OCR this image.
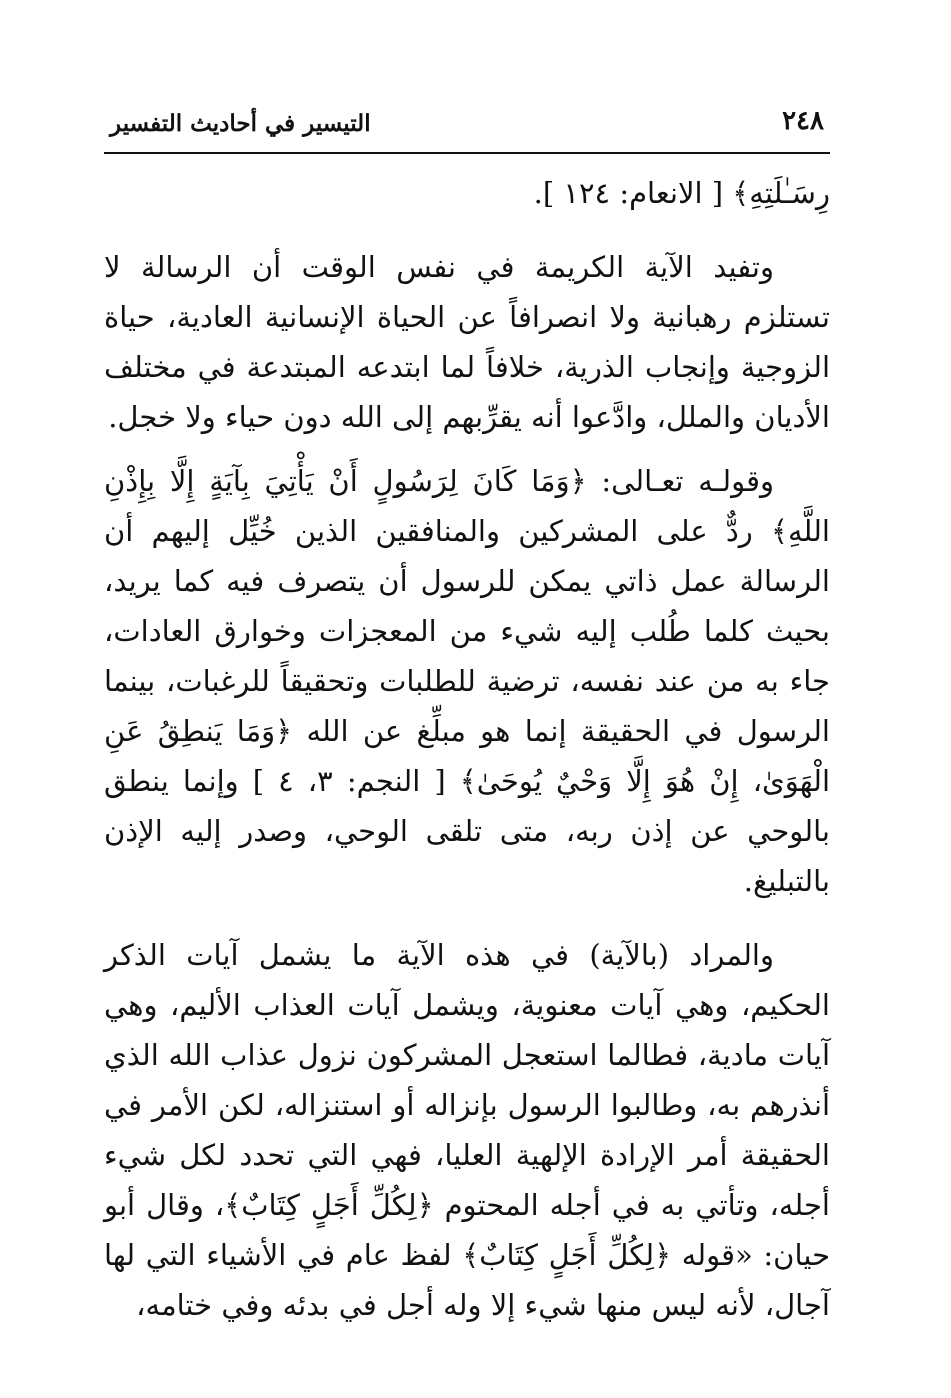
٢٤٨
التيسير في أحاديث التفسير

رِسَـٰلَتِهِ﴾ [ الانعام: ١٢٤ ].

وتفيد الآية الكريمة في نفس الوقت أن الرسالة لا تستلزم رهبانية ولا انصرافاً عن الحياة الإنسانية العادية، حياة الزوجية وإنجاب الذرية، خلافاً لما ابتدعه المبتدعة في مختلف الأديان والملل، وادَّعوا أنه يقرِّبهم إلى الله دون حياء ولا خجل.

وقولـه تعـالى: ﴿وَمَا كَانَ لِرَسُولٍ أَنْ يَأْتِيَ بِآيَةٍ إِلَّا بِإِذْنِ اللَّهِ﴾ ردٌّ على المشركين والمنافقين الذين خُيِّل إليهم أن الرسالة عمل ذاتي يمكن للرسول أن يتصرف فيه كما يريد، بحيث كلما طُلب إليه شيء من المعجزات وخوارق العادات، جاء به من عند نفسه، ترضية للطلبات وتحقيقاً للرغبات، بينما الرسول في الحقيقة إنما هو مبلِّغ عن الله ﴿وَمَا يَنطِقُ عَنِ الْهَوَىٰ، إِنْ هُوَ إِلَّا وَحْيٌ يُوحَىٰ﴾ [ النجم: ٣، ٤ ] وإنما ينطق بالوحي عن إذن ربه، متى تلقى الوحي، وصدر إليه الإذن بالتبليغ.

والمراد (بالآية) في هذه الآية ما يشمل آيات الذكر الحكيم، وهي آيات معنوية، ويشمل آيات العذاب الأليم، وهي آيات مادية، فطالما استعجل المشركون نزول عذاب الله الذي أنذرهم به، وطالبوا الرسول بإنزاله أو استنزاله، لكن الأمر في الحقيقة أمر الإرادة الإلهية العليا، فهي التي تحدد لكل شيء أجله، وتأتي به في أجله المحتوم ﴿لِكُلِّ أَجَلٍ كِتَابٌ﴾، وقال أبو حيان: «قوله ﴿لِكُلِّ أَجَلٍ كِتَابٌ﴾ لفظ عام في الأشياء التي لها آجال، لأنه ليس منها شيء إلا وله أجل في بدئه وفي ختامه،
